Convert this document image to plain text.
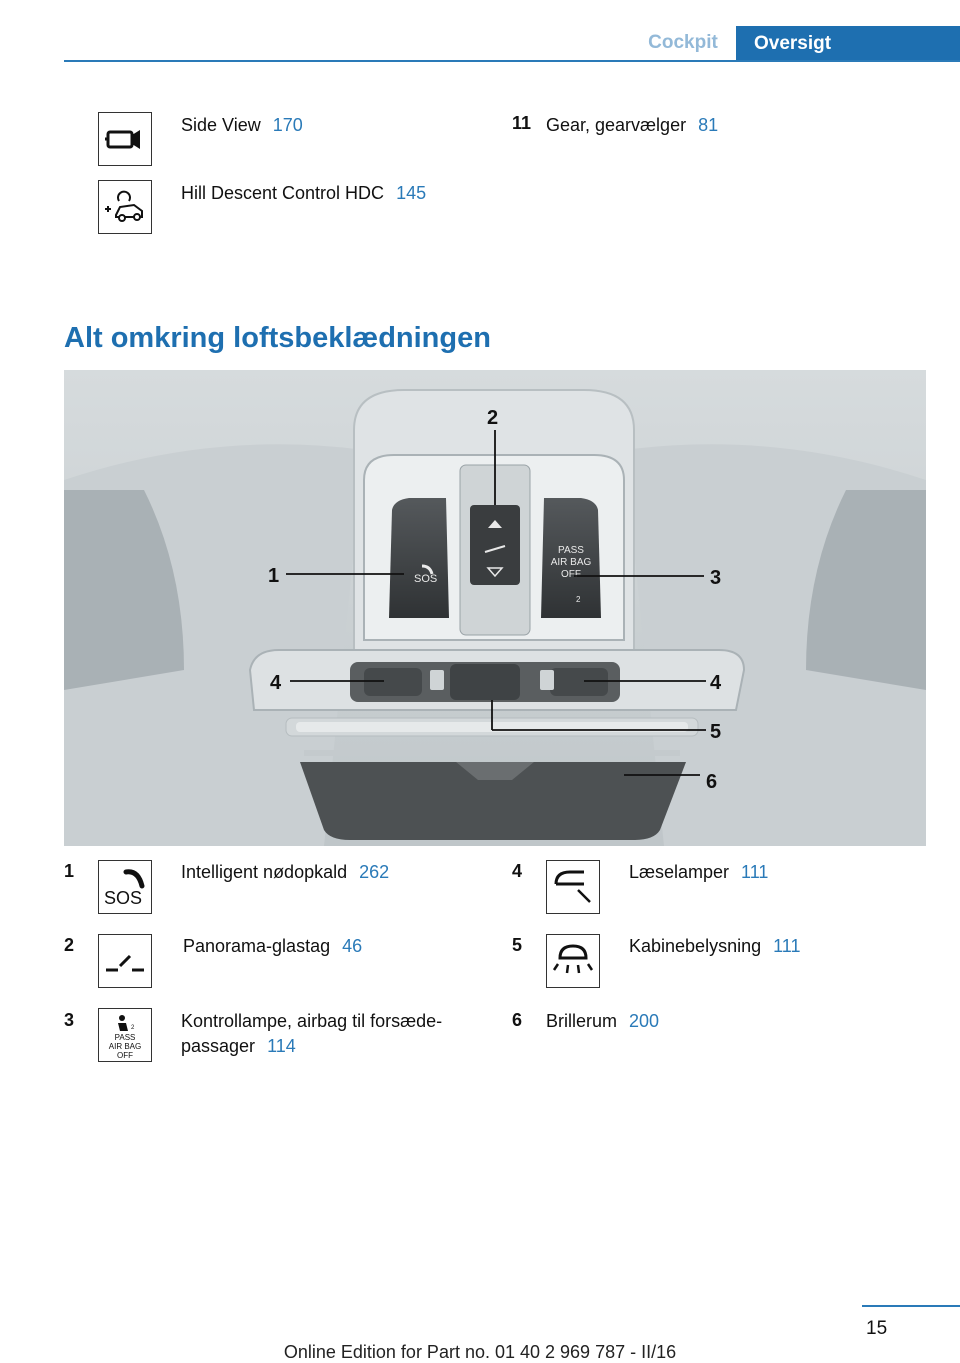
Cockpit	Oversigt
Side View 170
Hill Descent Control HDC 145
11 Gear, gearvælger 81
Alt omkring loftsbeklædningen
SOS
PASS
AIR BAG
OFF
2
1
2
3
4	4
5
6
1
SOS
Intelligent nødopkald 262
2	Panorama-glastag 46
3	2
PASS
AIR BAG
OFF
Kontrollampe, airbag til forsæde-
passager 114
4	Læselamper 111
5	Kabinebelysning 111
6 Brillerum 200
15
Online Edition for Part no. 01 40 2 969 787 - II/16
